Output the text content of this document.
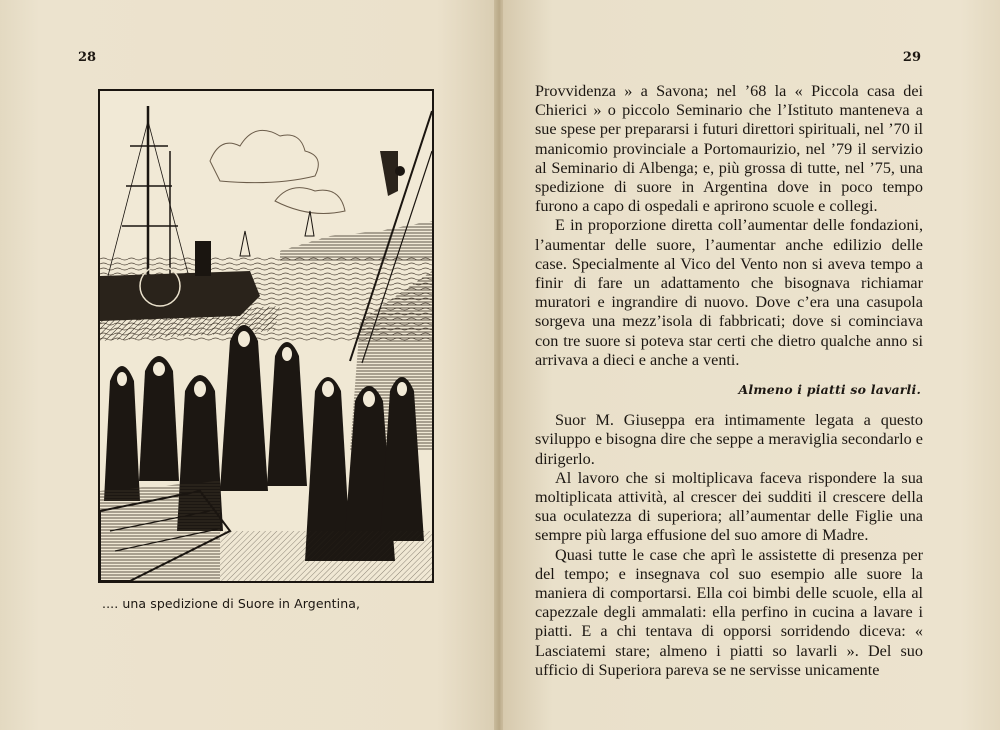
28
.... una spedizione di Suore in Argentina,
29

Provvidenza » a Savona; nel ’68 la « Piccola casa dei Chierici » o piccolo Seminario che l’Istituto manteneva a sue spese per prepararsi i futuri direttori spirituali, nel ’70 il manicomio provinciale a Portomaurizio, nel ’79 il servizio al Seminario di Albenga; e, più grossa di tutte, nel ’75, una spedizione di suore in Argentina dove in poco tempo furono a capo di ospedali e aprirono scuole e collegi.

E in proporzione diretta coll’aumentar delle fondazioni, l’aumentar delle suore, l’aumentar anche edilizio delle case. Specialmente al Vico del Vento non si aveva tempo a finir di fare un adattamento che bisognava richiamar muratori e ingrandire di nuovo. Dove c’era una casupola sorgeva una mezz’isola di fabbricati; dove si cominciava con tre suore si poteva star certi che dietro qualche anno si arrivava a dieci e anche a venti.

Almeno i piatti so lavarli.

Suor M. Giuseppa era intimamente legata a questo sviluppo e bisogna dire che seppe a meraviglia secondarlo e dirigerlo.

Al lavoro che si moltiplicava faceva rispondere la sua moltiplicata attività, al crescer dei sudditi il crescere della sua oculatezza di superiora; all’aumentar delle Figlie una sempre più larga effusione del suo amore di Madre.

Quasi tutte le case che aprì le assistette di presenza per del tempo; e insegnava col suo esempio alle suore la maniera di comportarsi. Ella coi bimbi delle scuole, ella al capezzale degli ammalati: ella perfino in cucina a lavare i piatti. E a chi tentava di opporsi sorridendo diceva: « Lasciatemi stare; almeno i piatti so lavarli ». Del suo ufficio di Superiora pareva se ne servisse unicamente
